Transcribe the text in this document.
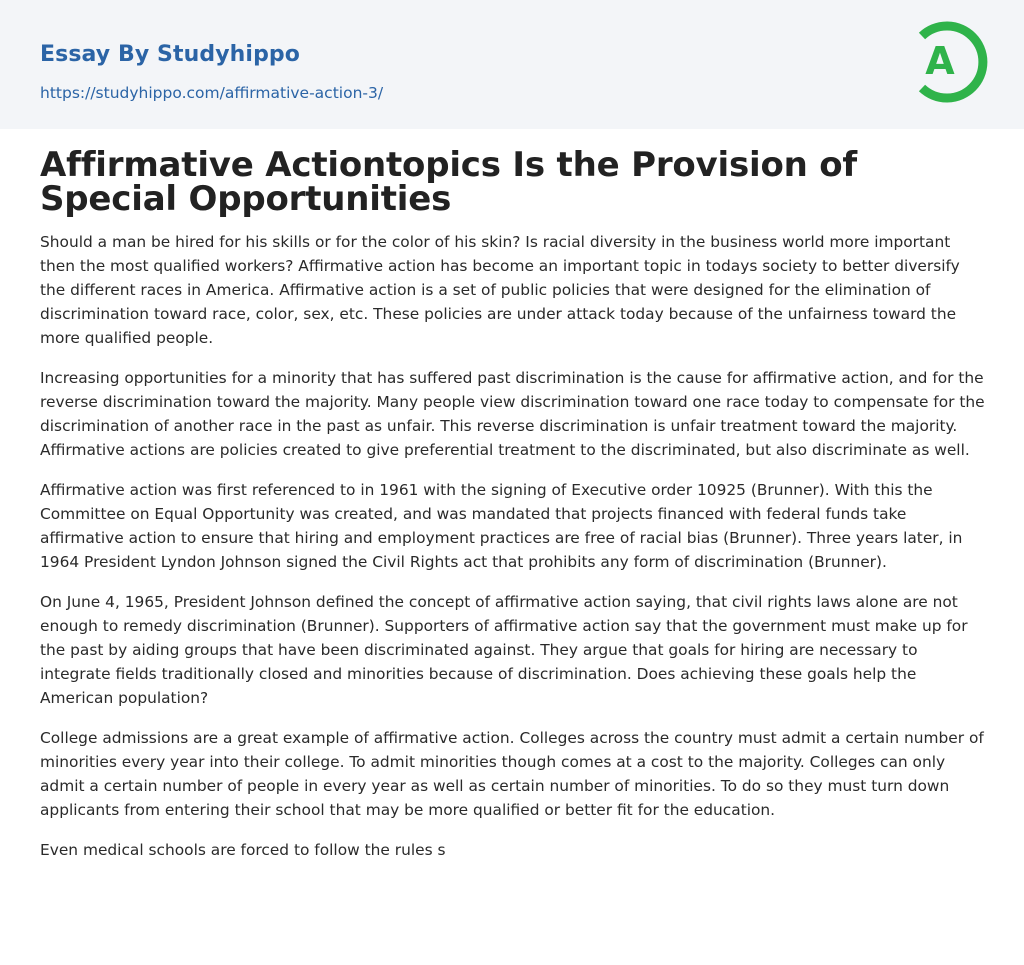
Essay By Studyhippo
https://studyhippo.com/affirmative-action-3/
A
Affirmative Actiontopics Is the Provision of Special Opportunities

Should a man be hired for his skills or for the color of his skin? Is racial diversity in the business world more important then the most qualified workers? Affirmative action has become an important topic in todays society to better diversify the different races in America. Affirmative action is a set of public policies that were designed for the elimination of discrimination toward race, color, sex, etc. These policies are under attack today because of the unfairness toward the more qualified people.

Increasing opportunities for a minority that has suffered past discrimination is the cause for affirmative action, and for the reverse discrimination toward the majority. Many people view discrimination toward one race today to compensate for the discrimination of another race in the past as unfair. This reverse discrimination is unfair treatment toward the majority. Affirmative actions are policies created to give preferential treatment to the discriminated, but also discriminate as well.

Affirmative action was first referenced to in 1961 with the signing of Executive order 10925 (Brunner). With this the Committee on Equal Opportunity was created, and was mandated that projects financed with federal funds take affirmative action to ensure that hiring and employment practices are free of racial bias (Brunner). Three years later, in 1964 President Lyndon Johnson signed the Civil Rights act that prohibits any form of discrimination (Brunner).

On June 4, 1965, President Johnson defined the concept of affirmative action saying, that civil rights laws alone are not enough to remedy discrimination (Brunner). Supporters of affirmative action say that the government must make up for the past by aiding groups that have been discriminated against. They argue that goals for hiring are necessary to integrate fields traditionally closed and minorities because of discrimination. Does achieving these goals help the American population?

College admissions are a great example of affirmative action. Colleges across the country must admit a certain number of minorities every year into their college. To admit minorities though comes at a cost to the majority. Colleges can only admit a certain number of people in every year as well as certain number of minorities. To do so they must turn down applicants from entering their school that may be more qualified or better fit for the education.

Even medical schools are forced to follow the rules s
